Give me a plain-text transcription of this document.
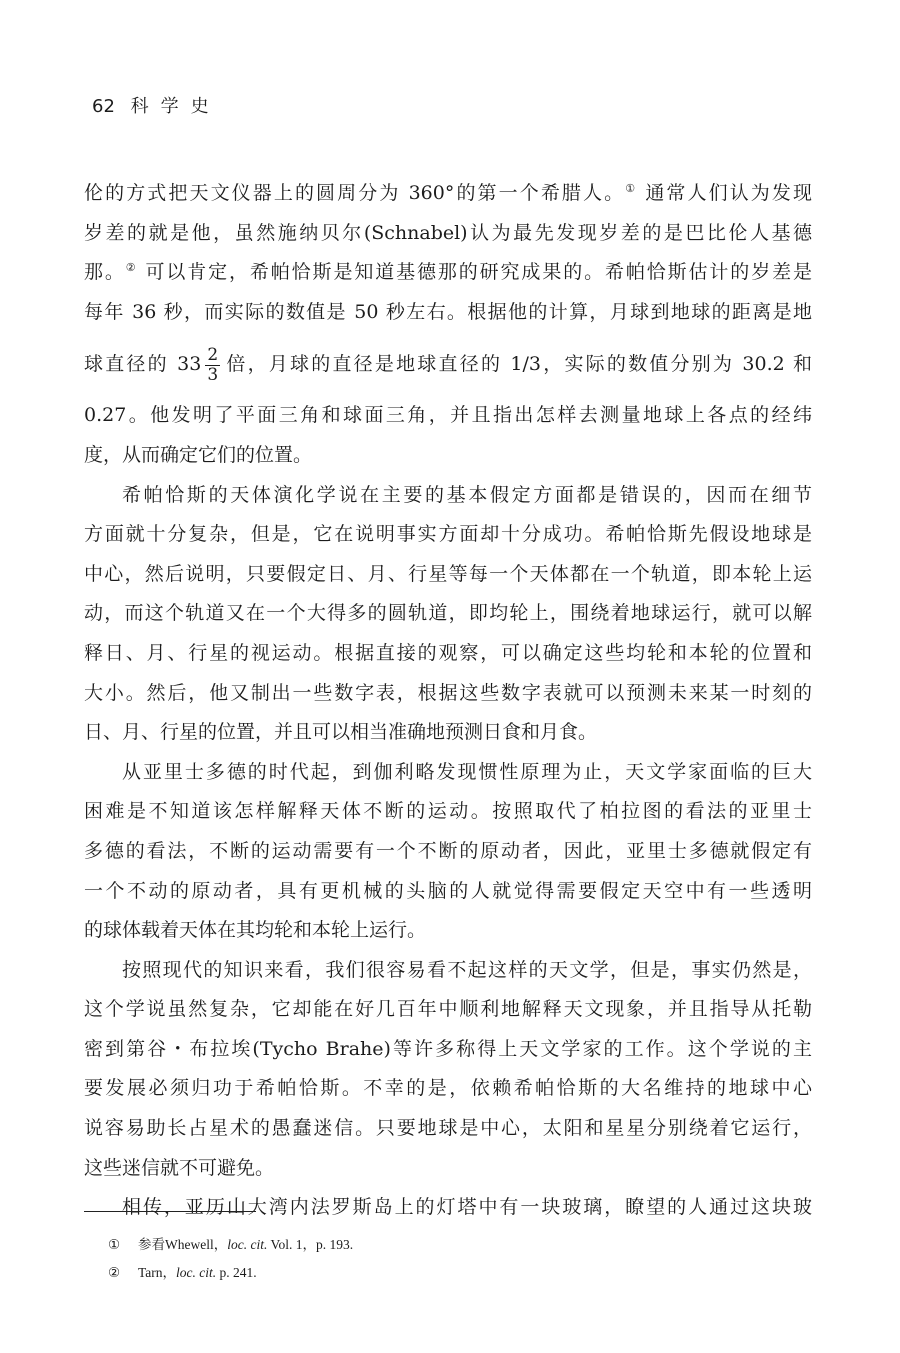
62 科学史
伦的方式把天文仪器上的圆周分为 360°的第一个希腊人。① 通常人们认为发现
岁差的就是他，虽然施纳贝尔(Schnabel)认为最先发现岁差的是巴比伦人基德
那。② 可以肯定，希帕恰斯是知道基德那的研究成果的。希帕恰斯估计的岁差是
每年 36 秒，而实际的数值是 50 秒左右。根据他的计算，月球到地球的距离是地
球直径的 $33 \frac{2}{3}$ 倍，月球的直径是地球直径的 1/3，实际的数值分别为 30.2 和
0.27。他发明了平面三角和球面三角，并且指出怎样去测量地球上各点的经纬
度，从而确定它们的位置。
希帕恰斯的天体演化学说在主要的基本假定方面都是错误的，因而在细节
方面就十分复杂，但是，它在说明事实方面却十分成功。希帕恰斯先假设地球是
中心，然后说明，只要假定日、月、行星等每一个天体都在一个轨道，即本轮上运
动，而这个轨道又在一个大得多的圆轨道，即均轮上，围绕着地球运行，就可以解
释日、月、行星的视运动。根据直接的观察，可以确定这些均轮和本轮的位置和
大小。然后，他又制出一些数字表，根据这些数字表就可以预测未来某一时刻的
日、月、行星的位置，并且可以相当准确地预测日食和月食。
从亚里士多德的时代起，到伽利略发现惯性原理为止，天文学家面临的巨大
困难是不知道该怎样解释天体不断的运动。按照取代了柏拉图的看法的亚里士
多德的看法，不断的运动需要有一个不断的原动者，因此，亚里士多德就假定有
一个不动的原动者，具有更机械的头脑的人就觉得需要假定天空中有一些透明
的球体载着天体在其均轮和本轮上运行。
按照现代的知识来看，我们很容易看不起这样的天文学，但是，事实仍然是，
这个学说虽然复杂，它却能在好几百年中顺利地解释天文现象，并且指导从托勒
密到第谷・布拉埃(Tycho Brahe)等许多称得上天文学家的工作。这个学说的主
要发展必须归功于希帕恰斯。不幸的是，依赖希帕恰斯的大名维持的地球中心
说容易助长占星术的愚蠢迷信。只要地球是中心，太阳和星星分别绕着它运行，
这些迷信就不可避免。
相传，亚历山大湾内法罗斯岛上的灯塔中有一块玻璃，瞭望的人通过这块玻
① 参看Whewell，loc. cit. Vol. 1，p. 193.
② Tarn，loc. cit. p. 241.
